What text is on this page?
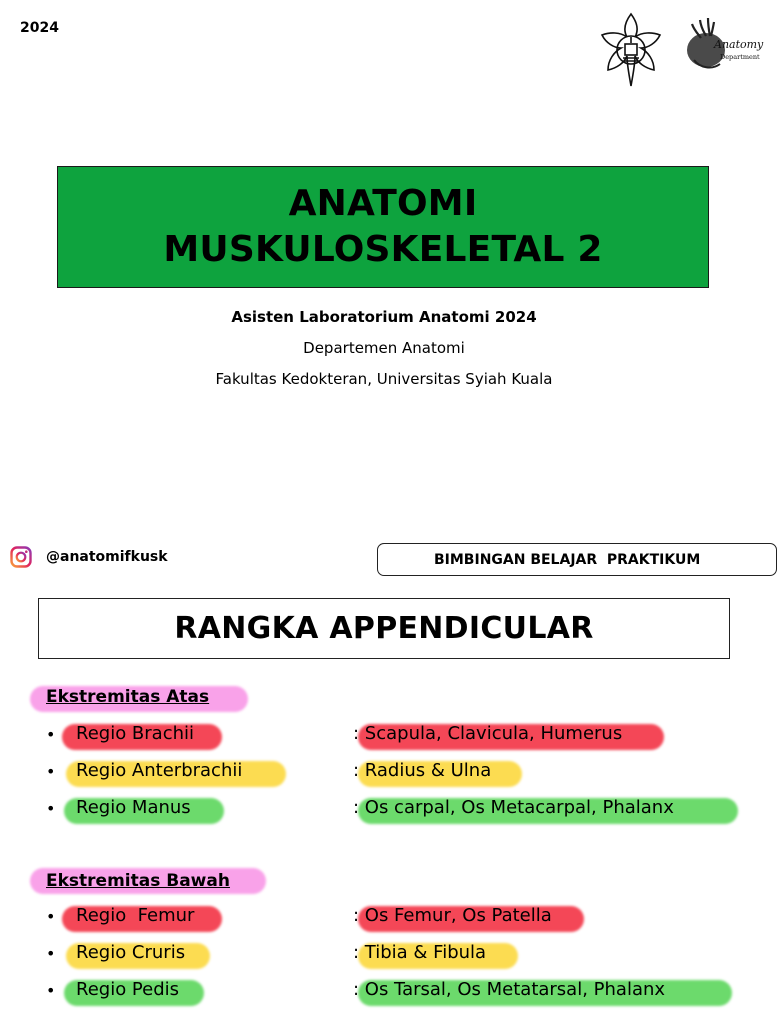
2024
Anatomy
Department
ANATOMI
MUSKULOSKELETAL 2
Asisten Laboratorium Anatomi 2024
Departemen Anatomi
Fakultas Kedokteran, Universitas Syiah Kuala
@anatomifkusk	BIMBINGAN BELAJAR  PRAKTIKUM
RANGKA APPENDICULAR
Ekstremitas Atas
• Regio Brachii	: Scapula, Clavicula, Humerus
• Regio Anterbrachii	: Radius & Ulna
• Regio Manus	: Os carpal, Os Metacarpal, Phalanx
Ekstremitas Bawah
• Regio  Femur	: Os Femur, Os Patella
• Regio Cruris	: Tibia & Fibula
• Regio Pedis	: Os Tarsal, Os Metatarsal, Phalanx
